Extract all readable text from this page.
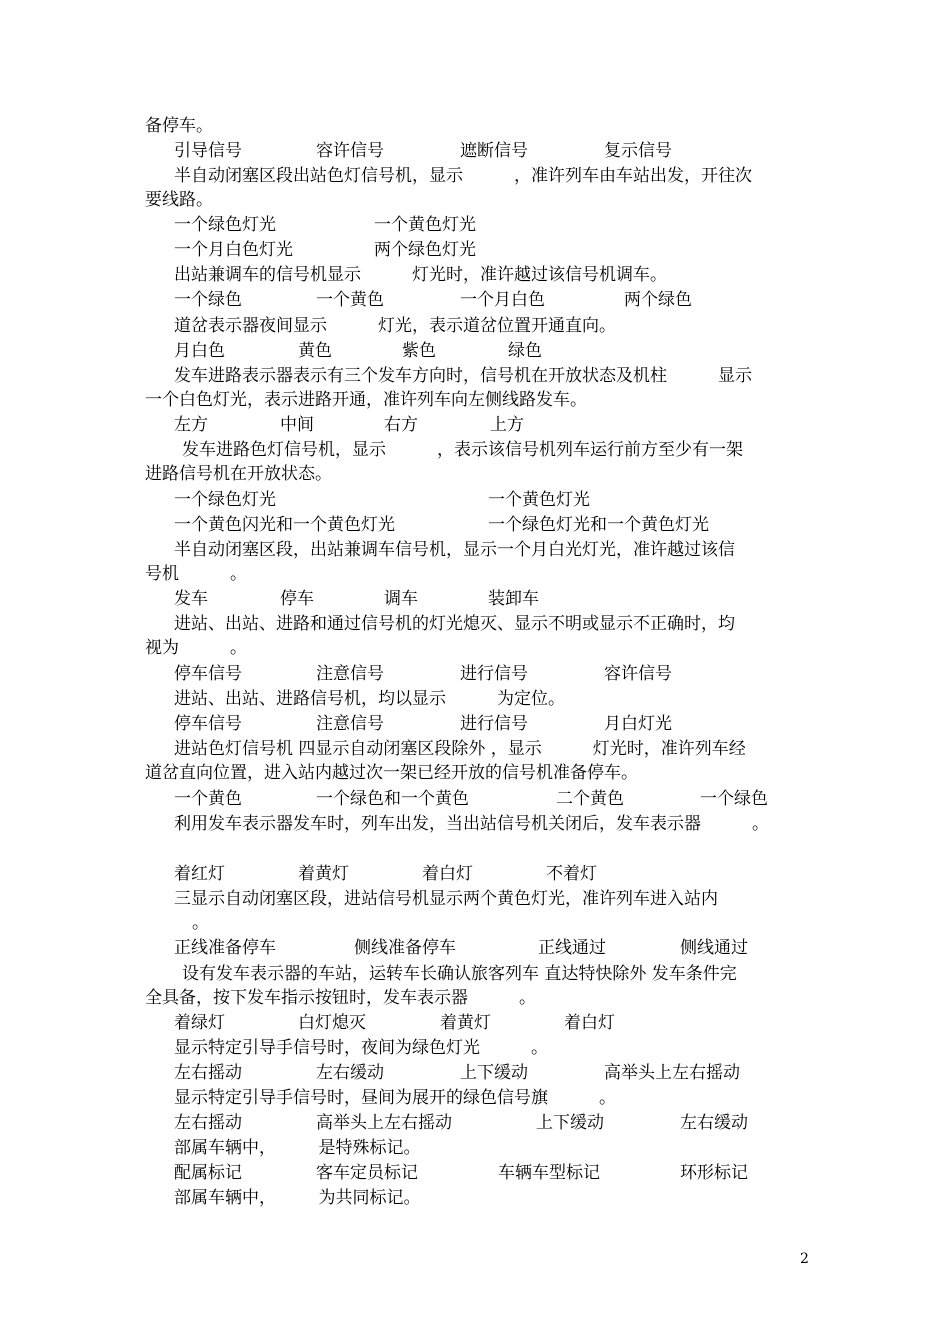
备停车。
引导信号	容许信号	遮断信号	复示信号
半自动闭塞区段出站色灯信号机，显示　　　，准许列车由车站出发，开往次
要线路。
一个绿色灯光	一个黄色灯光
一个月白色灯光	两个绿色灯光
出站兼调车的信号机显示　　　灯光时，准许越过该信号机调车。
一个绿色	一个黄色	一个月白色	两个绿色
道岔表示器夜间显示　　　灯光，表示道岔位置开通直向。
月白色	黄色	紫色	绿色
发车进路表示器表示有三个发车方向时，信号机在开放状态及机柱　　　显示
一个白色灯光，表示进路开通，准许列车向左侧线路发车。
左方	中间	右方	上方
发车进路色灯信号机，显示　　　，表示该信号机列车运行前方至少有一架
进路信号机在开放状态。
一个绿色灯光	一个黄色灯光
一个黄色闪光和一个黄色灯光	一个绿色灯光和一个黄色灯光
半自动闭塞区段，出站兼调车信号机，显示一个月白光灯光，准许越过该信
号机　　　。
发车	停车	调车	装卸车
进站、出站、进路和通过信号机的灯光熄灭、显示不明或显示不正确时，均
视为　　　。
停车信号	注意信号	进行信号	容许信号
进站、出站、进路信号机，均以显示　　　为定位。
停车信号	注意信号	进行信号	月白灯光
进站色灯信号机 四显示自动闭塞区段除外 ，显示　　　灯光时，准许列车经
道岔直向位置，进入站内越过次一架已经开放的信号机准备停车。
一个黄色	一个绿色和一个黄色	二个黄色	一个绿色
利用发车表示器发车时，列车出发，当出站信号机关闭后，发车表示器　　　。
着红灯	着黄灯	着白灯	不着灯
三显示自动闭塞区段，进站信号机显示两个黄色灯光，准许列车进入站内
。
正线准备停车	侧线准备停车	正线通过	侧线通过
设有发车表示器的车站，运转车长确认旅客列车 直达特快除外 发车条件完
全具备，按下发车指示按钮时，发车表示器　　　。
着绿灯	白灯熄灭	着黄灯	着白灯
显示特定引导手信号时，夜间为绿色灯光　　　。
左右摇动	左右缓动	上下缓动	高举头上左右摇动
显示特定引导手信号时，昼间为展开的绿色信号旗　　　。
左右摇动	高举头上左右摇动	上下缓动	左右缓动
部属车辆中，　　　是特殊标记。
配属标记	客车定员标记	车辆车型标记	环形标记
部属车辆中，　　　为共同标记。
2
